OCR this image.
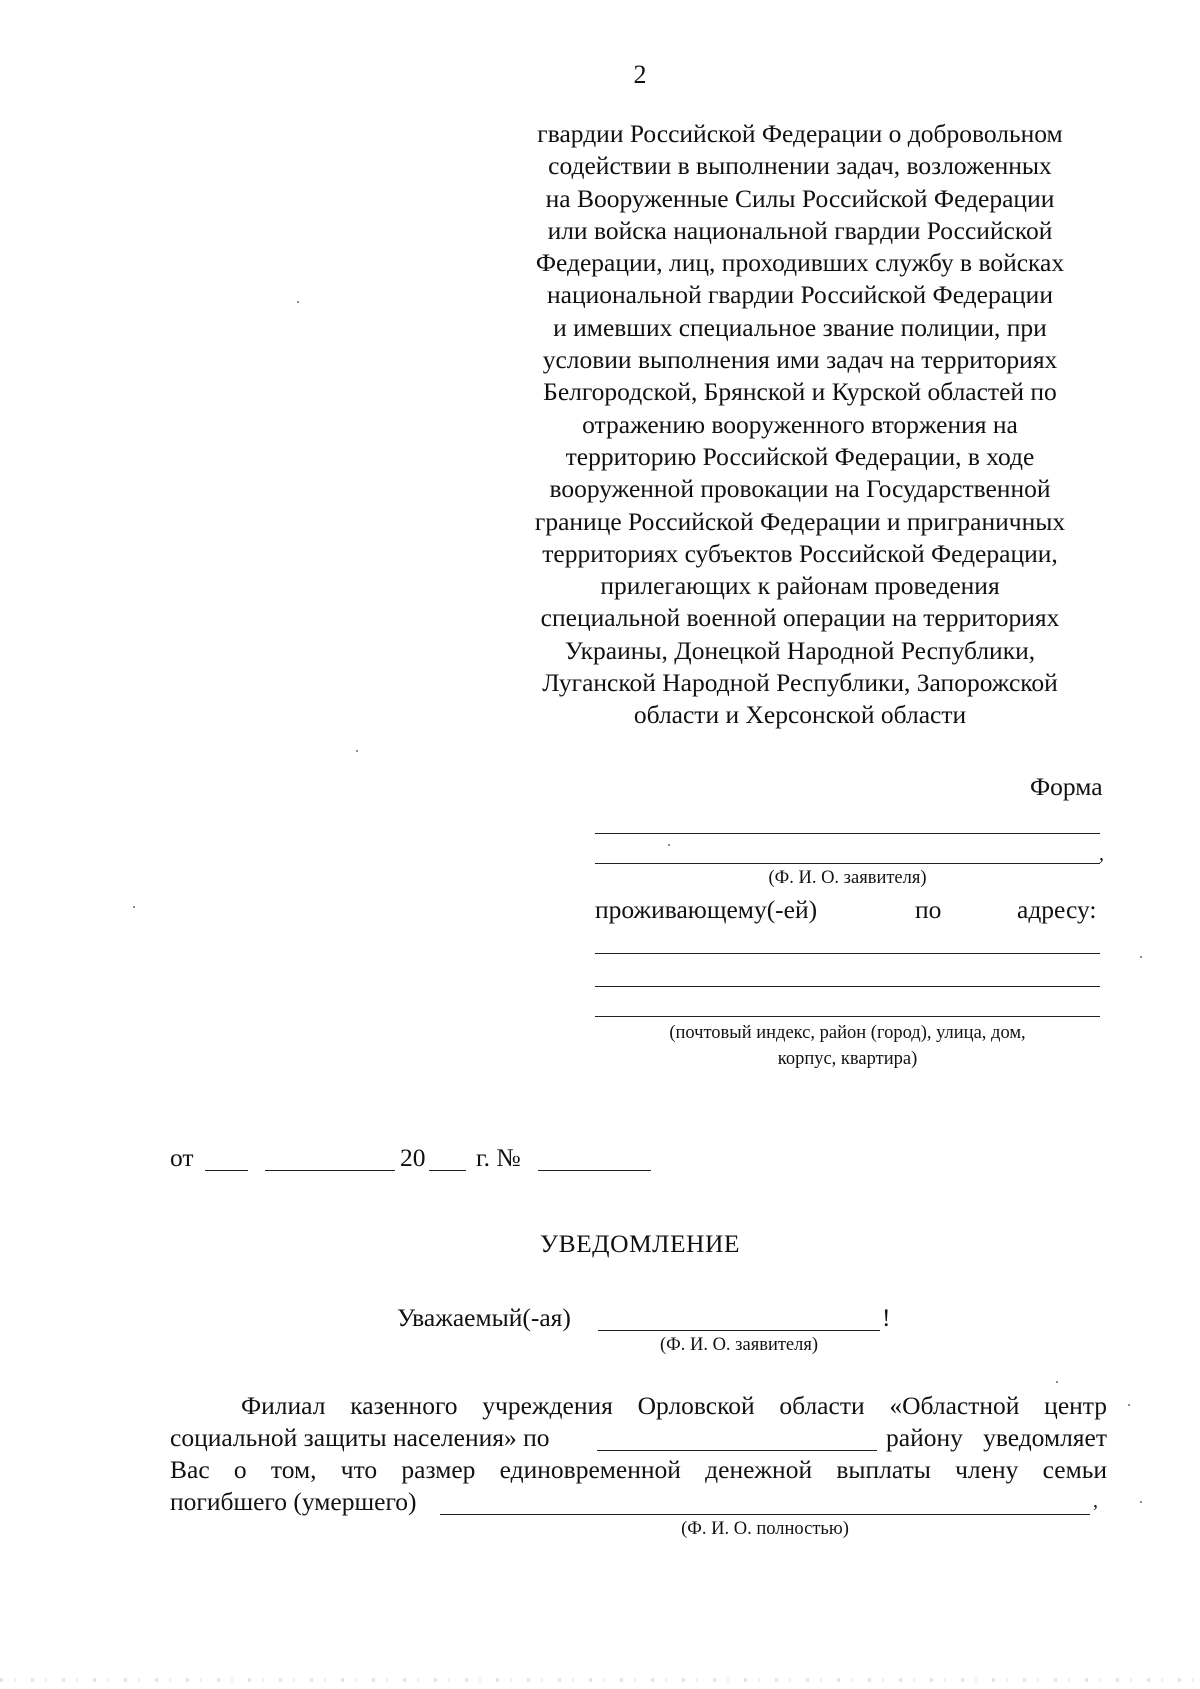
2
гвардии Российской Федерации о добровольном
содействии в выполнении задач, возложенных
на Вооруженные Силы Российской Федерации
или войска национальной гвардии Российской
Федерации, лиц, проходивших службу в войсках
национальной гвардии Российской Федерации
и имевших специальное звание полиции, при
условии выполнения ими задач на территориях
Белгородской, Брянской и Курской областей по
отражению вооруженного вторжения на
территорию Российской Федерации, в ходе
вооруженной провокации на Государственной
границе Российской Федерации и приграничных
территориях субъектов Российской Федерации,
прилегающих к районам проведения
специальной военной операции на территориях
Украины, Донецкой Народной Республики,
Луганской Народной Республики, Запорожской
области и Херсонской области
Форма
,
(Ф. И. О. заявителя)
проживающему(-ей)	по	адресу:
(почтовый индекс, район (город), улица, дом,
корпус, квартира)
от	20 г. №
УВЕДОМЛЕНИЕ
Уважаемый(-ая)	!
(Ф. И. О. заявителя)
Филиал казенного учреждения Орловской области «Областной центр
социальной защиты населения» по	району уведомляет
Вас о том, что размер единовременной денежной выплаты члену семьи
погибшего (умершего)	,
(Ф. И. О. полностью)
